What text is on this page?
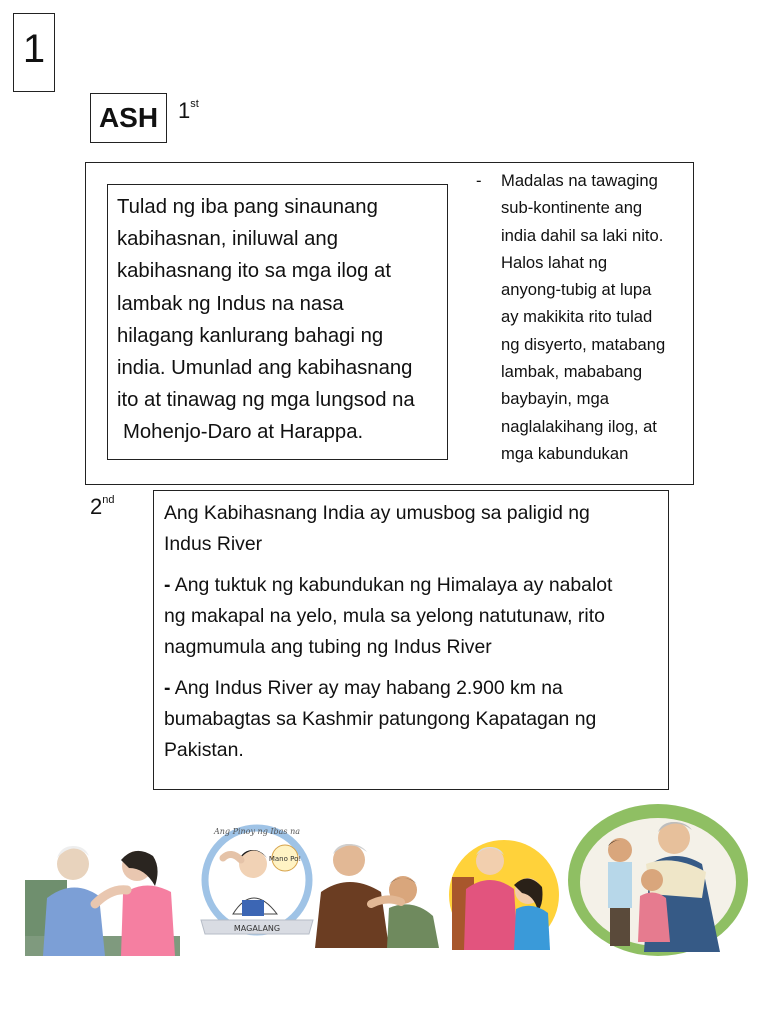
1
ASH 1st
Tulad ng iba pang sinaunang
kabihasnan, iniluwal ang
kabihasnang ito sa mga ilog at
lambak ng Indus na nasa
hilagang kanlurang bahagi ng
india. Umunlad ang kabihasnang
ito at tinawag ng mga lungsod na
Mohenjo-Daro at Harappa.
- Madalas na tawaging
sub-kontinente ang
india dahil sa laki nito.
Halos lahat ng
anyong-tubig at lupa
ay makikita rito tulad
ng disyerto, matabang
lambak, mababang
baybayin, mga
naglalakihang ilog, at
mga kabundukan
2nd

Ang Kabihasnang India ay umusbog sa paligid ng
Indus River

- Ang tuktuk ng kabundukan ng Himalaya ay nabalot
ng makapal na yelo, mula sa yelong natutunaw, rito
nagmumula ang tubing ng Indus River

- Ang Indus River ay may habang 2.900 km na
bumabagtas sa Kashmir patungong Kapatagan ng
Pakistan.

Ang Pinoy ng Ibas na
Mano Po!
MAGALANG
